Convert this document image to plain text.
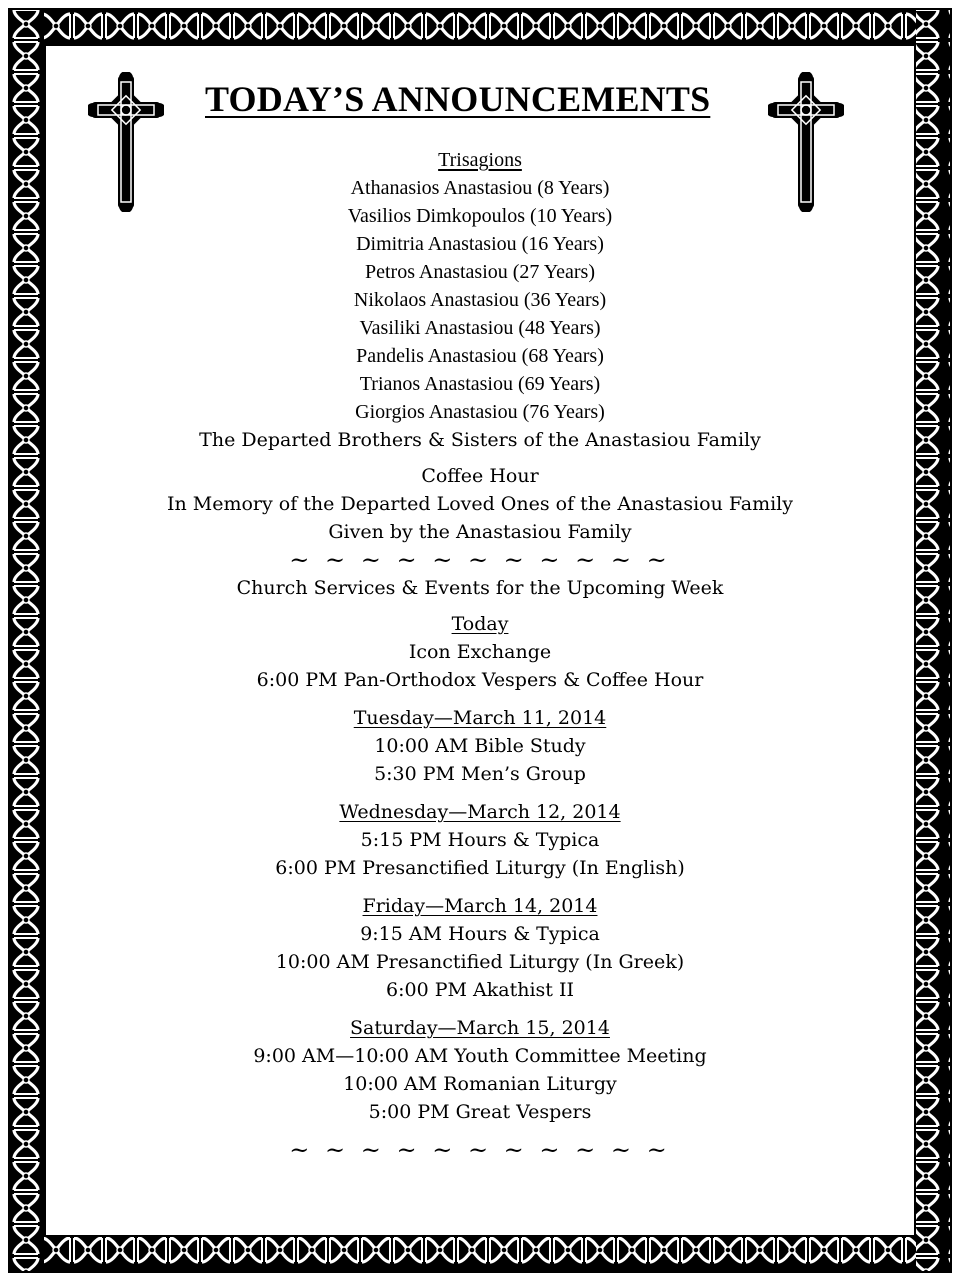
TODAY’S ANNOUNCEMENTS
Trisagions
Athanasios Anastasiou (8 Years)
Vasilios Dimkopoulos (10 Years)
Dimitria Anastasiou (16 Years)
Petros Anastasiou (27 Years)
Nikolaos Anastasiou (36 Years)
Vasiliki Anastasiou (48 Years)
Pandelis Anastasiou (68 Years)
Trianos Anastasiou (69 Years)
Giorgios Anastasiou (76 Years)
The Departed Brothers & Sisters of the Anastasiou Family
Coffee Hour
In Memory of the Departed Loved Ones of the Anastasiou Family
Given by the Anastasiou Family
~ ~ ~ ~ ~ ~ ~ ~ ~ ~ ~
Church Services & Events for the Upcoming Week
Today
Icon Exchange
6:00 PM Pan-Orthodox Vespers & Coffee Hour
Tuesday—March 11, 2014
10:00 AM Bible Study
5:30 PM Men’s Group
Wednesday—March 12, 2014
5:15 PM Hours & Typica
6:00 PM Presanctified Liturgy (In English)
Friday—March 14, 2014
9:15 AM Hours & Typica
10:00 AM Presanctified Liturgy (In Greek)
6:00 PM Akathist II
Saturday—March 15, 2014
9:00 AM—10:00 AM Youth Committee Meeting
10:00 AM Romanian Liturgy
5:00 PM Great Vespers
~ ~ ~ ~ ~ ~ ~ ~ ~ ~ ~
